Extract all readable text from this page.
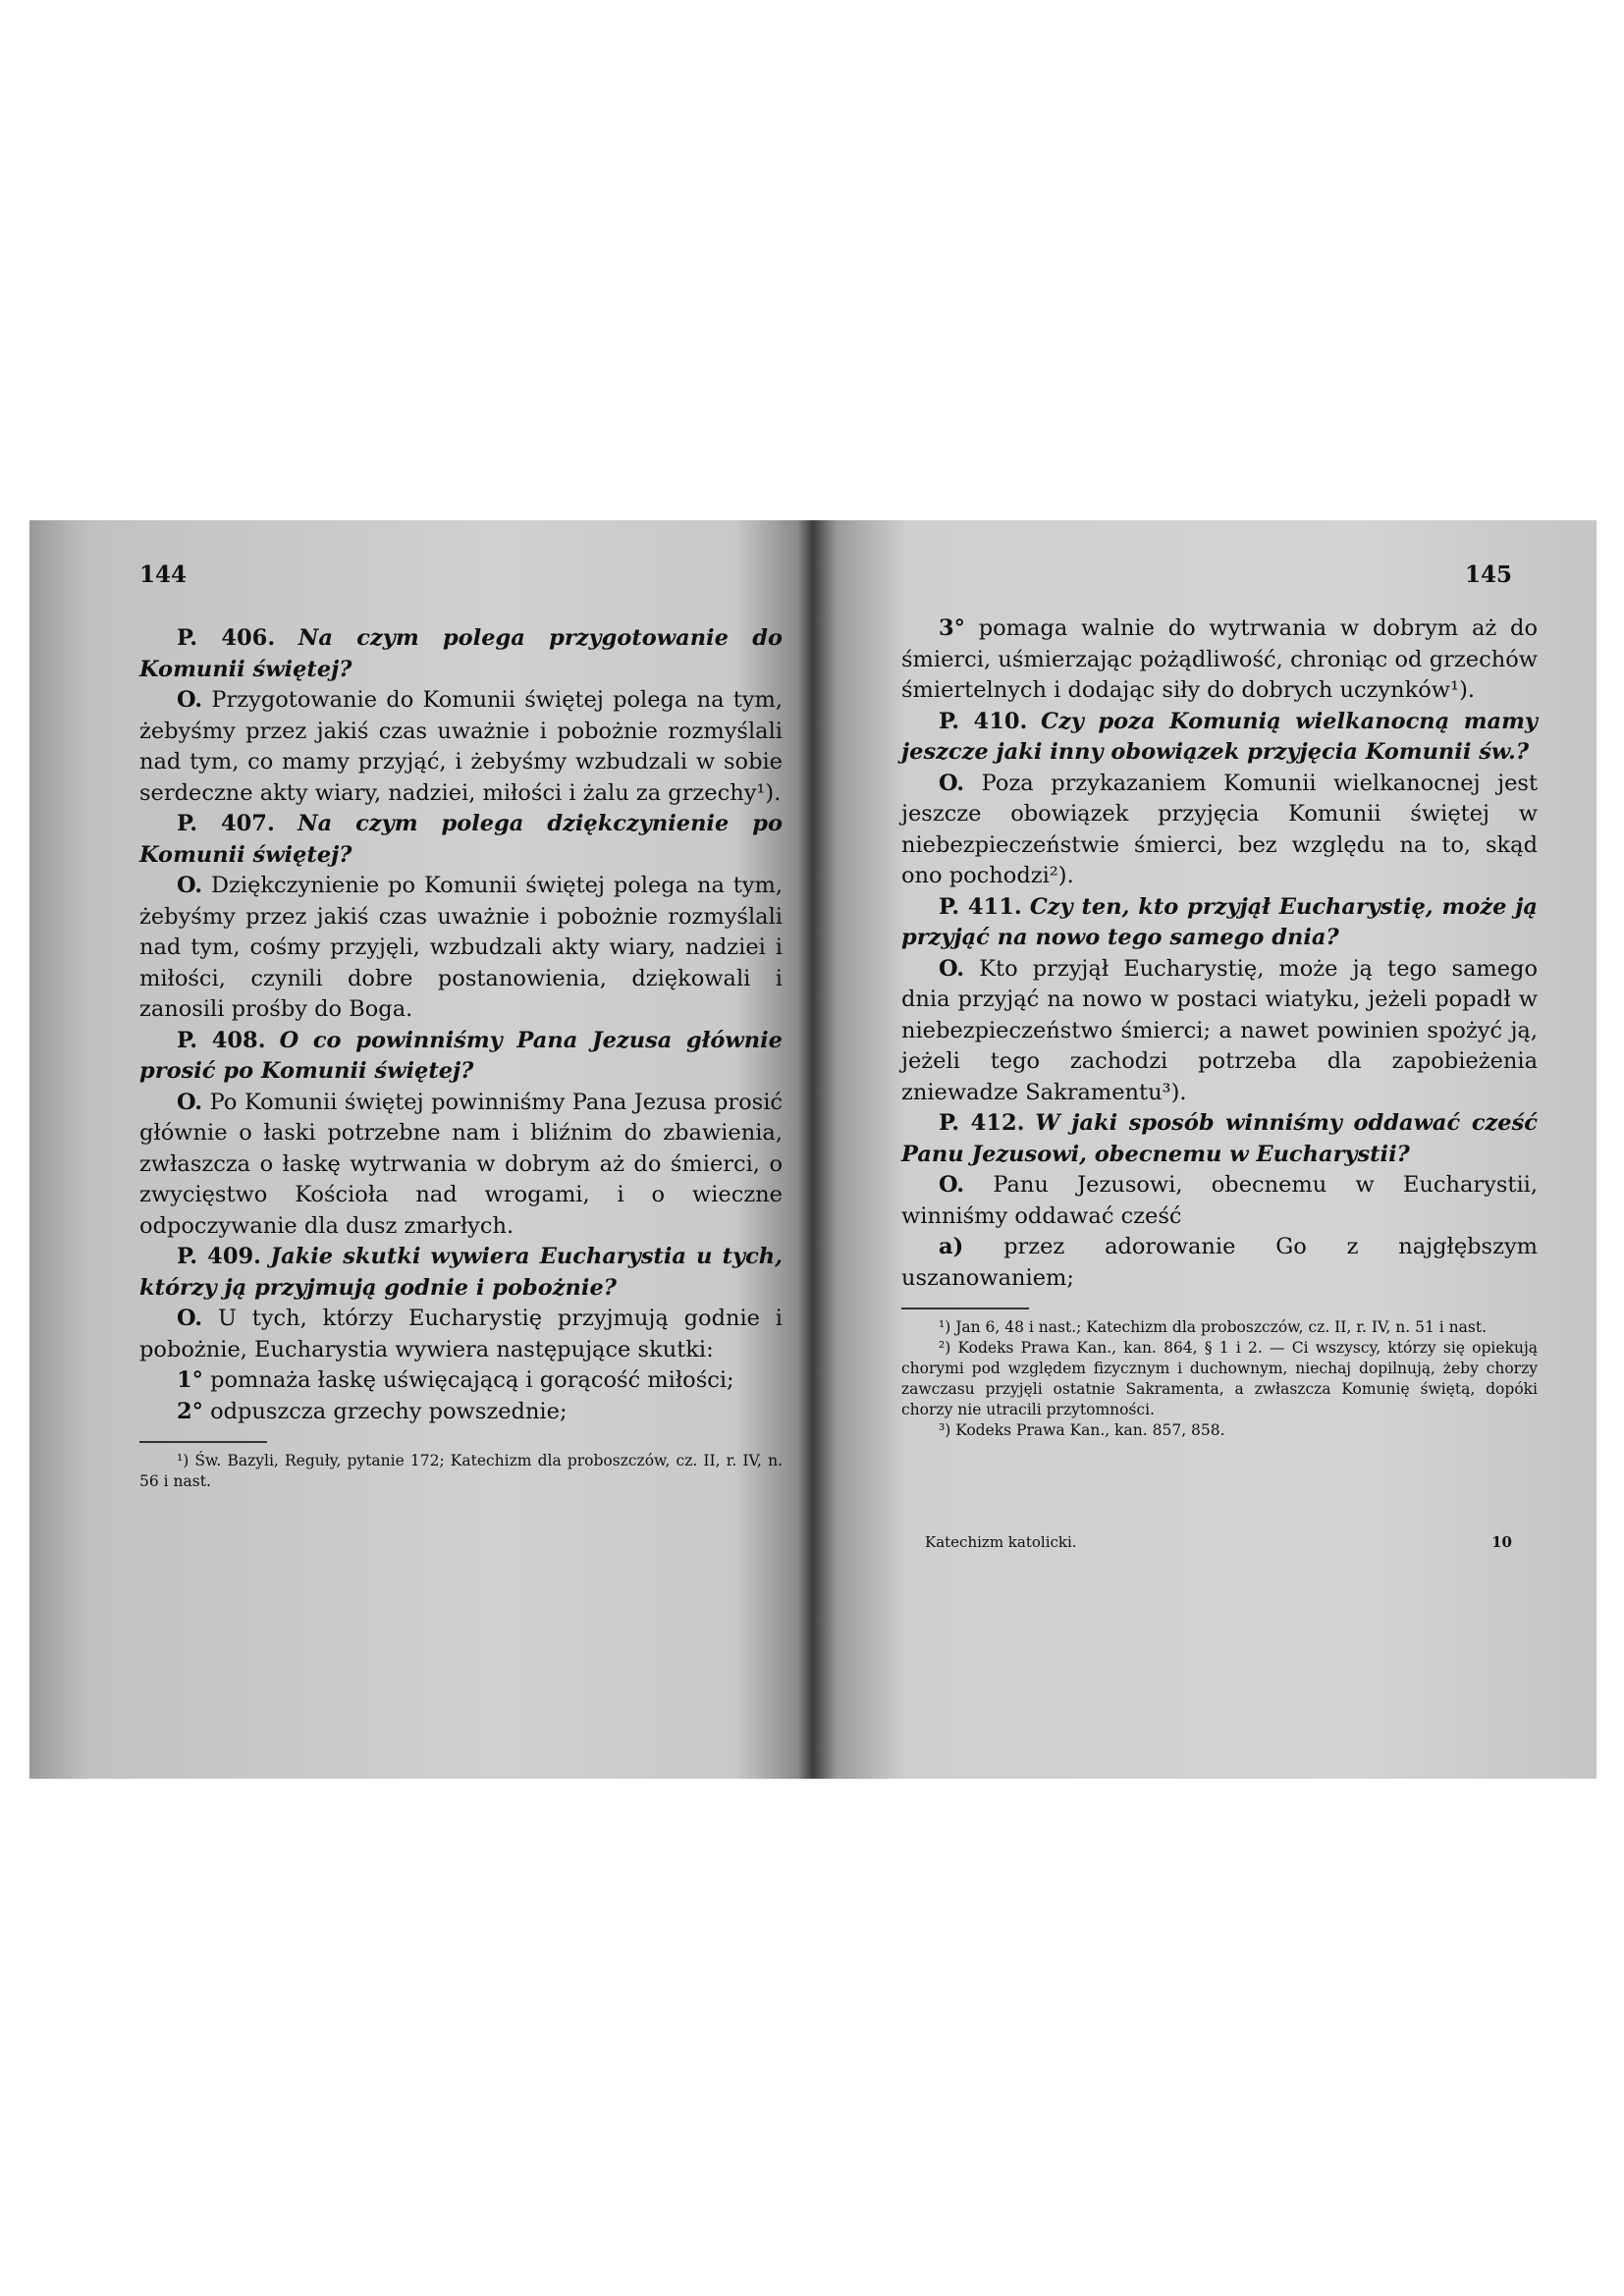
144

P. 406. Na czym polega przygotowanie do Komunii świętej?

O. Przygotowanie do Komunii świętej polega na tym, żebyśmy przez jakiś czas uważnie i pobożnie rozmyślali nad tym, co mamy przyjąć, i żebyśmy wzbudzali w sobie serdeczne akty wiary, nadziei, miłości i żalu za grzechy¹).

P. 407. Na czym polega dziękczynienie po Komunii świętej?

O. Dziękczynienie po Komunii świętej polega na tym, żebyśmy przez jakiś czas uważnie i pobożnie rozmyślali nad tym, cośmy przyjęli, wzbudzali akty wiary, nadziei i miłości, czynili dobre postanowienia, dziękowali i zanosili prośby do Boga.

P. 408. O co powinniśmy Pana Jezusa głównie prosić po Komunii świętej?

O. Po Komunii świętej powinniśmy Pana Jezusa prosić głównie o łaski potrzebne nam i bliźnim do zbawienia, zwłaszcza o łaskę wytrwania w dobrym aż do śmierci, o zwycięstwo Kościoła nad wrogami, i o wieczne odpoczywanie dla dusz zmarłych.

P. 409. Jakie skutki wywiera Eucharystia u tych, którzy ją przyjmują godnie i pobożnie?

O. U tych, którzy Eucharystię przyjmują godnie i pobożnie, Eucharystia wywiera następujące skutki:

1° pomnaża łaskę uświęcającą i gorącość miłości;

2° odpuszcza grzechy powszednie;

¹) Św. Bazyli, Reguły, pytanie 172; Katechizm dla proboszczów, cz. II, r. IV, n. 56 i nast.

145

3° pomaga walnie do wytrwania w dobrym aż do śmierci, uśmierzając pożądliwość, chroniąc od grzechów śmiertelnych i dodając siły do dobrych uczynków¹).

P. 410. Czy poza Komunią wielkanocną mamy jeszcze jaki inny obowiązek przyjęcia Komunii św.?

O. Poza przykazaniem Komunii wielkanocnej jest jeszcze obowiązek przyjęcia Komunii świętej w niebezpieczeństwie śmierci, bez względu na to, skąd ono pochodzi²).

P. 411. Czy ten, kto przyjął Eucharystię, może ją przyjąć na nowo tego samego dnia?

O. Kto przyjął Eucharystię, może ją tego samego dnia przyjąć na nowo w postaci wiatyku, jeżeli popadł w niebezpieczeństwo śmierci; a nawet powinien spożyć ją, jeżeli tego zachodzi potrzeba dla zapobieżenia zniewadze Sakramentu³).

P. 412. W jaki sposób winniśmy oddawać cześć Panu Jezusowi, obecnemu w Eucharystii?

O. Panu Jezusowi, obecnemu w Eucharystii, winniśmy oddawać cześć

a) przez adorowanie Go z najgłębszym uszanowaniem;

¹) Jan 6, 48 i nast.; Katechizm dla proboszczów, cz. II, r. IV, n. 51 i nast.

²) Kodeks Prawa Kan., kan. 864, § 1 i 2. — Ci wszyscy, którzy się opiekują chorymi pod względem fizycznym i duchownym, niechaj dopilnują, żeby chorzy zawczasu przyjęli ostatnie Sakramenta, a zwłaszcza Komunię świętą, dopóki chorzy nie utracili przytomności.

³) Kodeks Prawa Kan., kan. 857, 858.

Katechizm katolicki.	10
